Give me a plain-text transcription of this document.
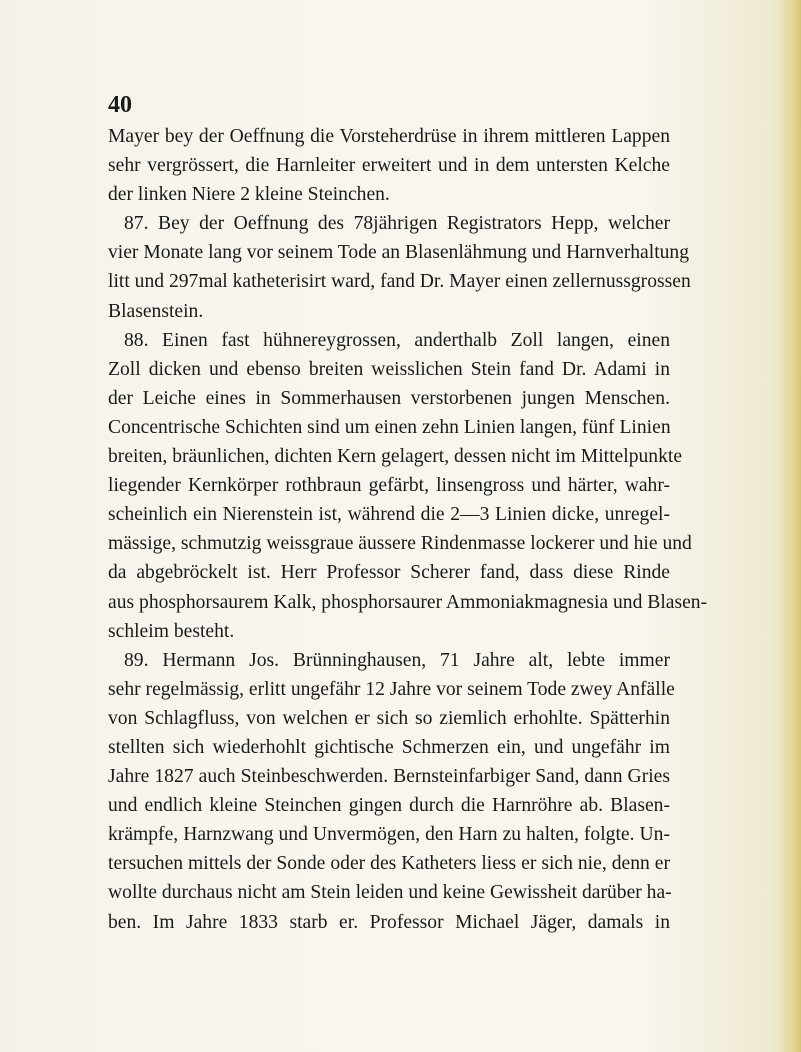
40
Mayer bey der Oeffnung die Vorsteherdrüse in ihrem mittleren Lappen
sehr vergrössert, die Harnleiter erweitert und in dem untersten Kelche
der linken Niere 2 kleine Steinchen.
87. Bey der Oeffnung des 78jährigen Registrators Hepp, welcher
vier Monate lang vor seinem Tode an Blasenlähmung und Harnverhaltung
litt und 297mal katheterisirt ward, fand Dr. Mayer einen zellernussgrossen
Blasenstein.
88. Einen fast hühnereygrossen, anderthalb Zoll langen, einen
Zoll dicken und ebenso breiten weisslichen Stein fand Dr. Adami in
der Leiche eines in Sommerhausen verstorbenen jungen Menschen.
Concentrische Schichten sind um einen zehn Linien langen, fünf Linien
breiten, bräunlichen, dichten Kern gelagert, dessen nicht im Mittelpunkte
liegender Kernkörper rothbraun gefärbt, linsengross und härter, wahr-
scheinlich ein Nierenstein ist, während die 2—3 Linien dicke, unregel-
mässige, schmutzig weissgraue äussere Rindenmasse lockerer und hie und
da abgebröckelt ist. Herr Professor Scherer fand, dass diese Rinde
aus phosphorsaurem Kalk, phosphorsaurer Ammoniakmagnesia und Blasen-
schleim besteht.
89. Hermann Jos. Brünninghausen, 71 Jahre alt, lebte immer
sehr regelmässig, erlitt ungefähr 12 Jahre vor seinem Tode zwey Anfälle
von Schlagfluss, von welchen er sich so ziemlich erhohlte. Spätterhin
stellten sich wiederhohlt gichtische Schmerzen ein, und ungefähr im
Jahre 1827 auch Steinbeschwerden. Bernsteinfarbiger Sand, dann Gries
und endlich kleine Steinchen gingen durch die Harnröhre ab. Blasen-
krämpfe, Harnzwang und Unvermögen, den Harn zu halten, folgte. Un-
tersuchen mittels der Sonde oder des Katheters liess er sich nie, denn er
wollte durchaus nicht am Stein leiden und keine Gewissheit darüber ha-
ben. Im Jahre 1833 starb er. Professor Michael Jäger, damals in
